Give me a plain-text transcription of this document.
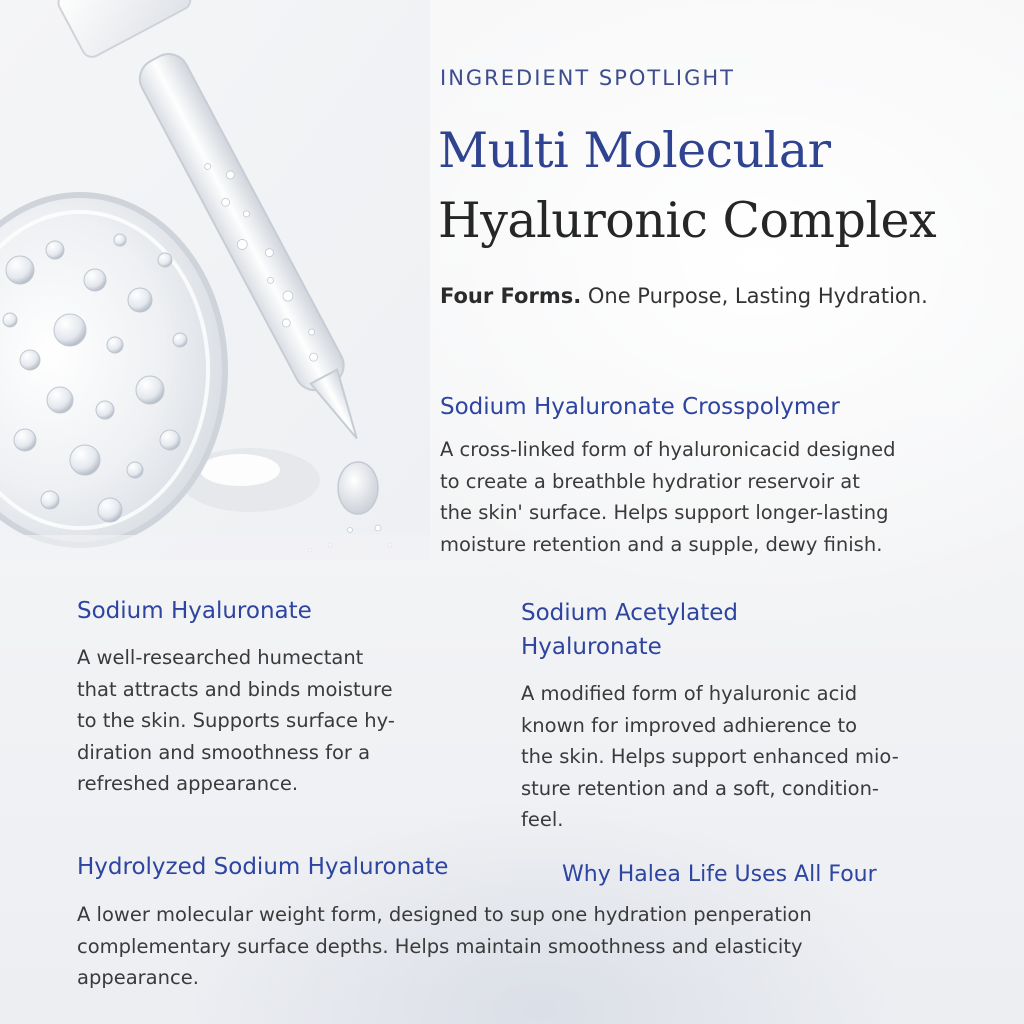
INGREDIENT SPOTLIGHT
Multi Molecular
Hyaluronic Complex
Four Forms. One Purpose, Lasting Hydration.
Sodium Hyaluronate Crosspolymer
A cross-linked form of hyaluronicacid designed
to create a breathble hydratior reservoir at
the skin' surface. Helps support longer-lasting
moisture retention and a supple, dewy finish.
Sodium Hyaluronate
A well-researched humectant
that attracts and binds moisture
to the skin. Supports surface hy-
diration and smoothness for a
refreshed appearance.
Sodium Acetylated
Hyaluronate
A modified form of hyaluronic acid
known for improved adhierence to
the skin. Helps support enhanced mio-
sture retention and a soft, condition-
feel.
Hydrolyzed Sodium Hyaluronate	Why Halea Life Uses All Four
A lower molecular weight form, designed to sup one hydration penperation
complementary surface depths. Helps maintain smoothness and elasticity
appearance.
